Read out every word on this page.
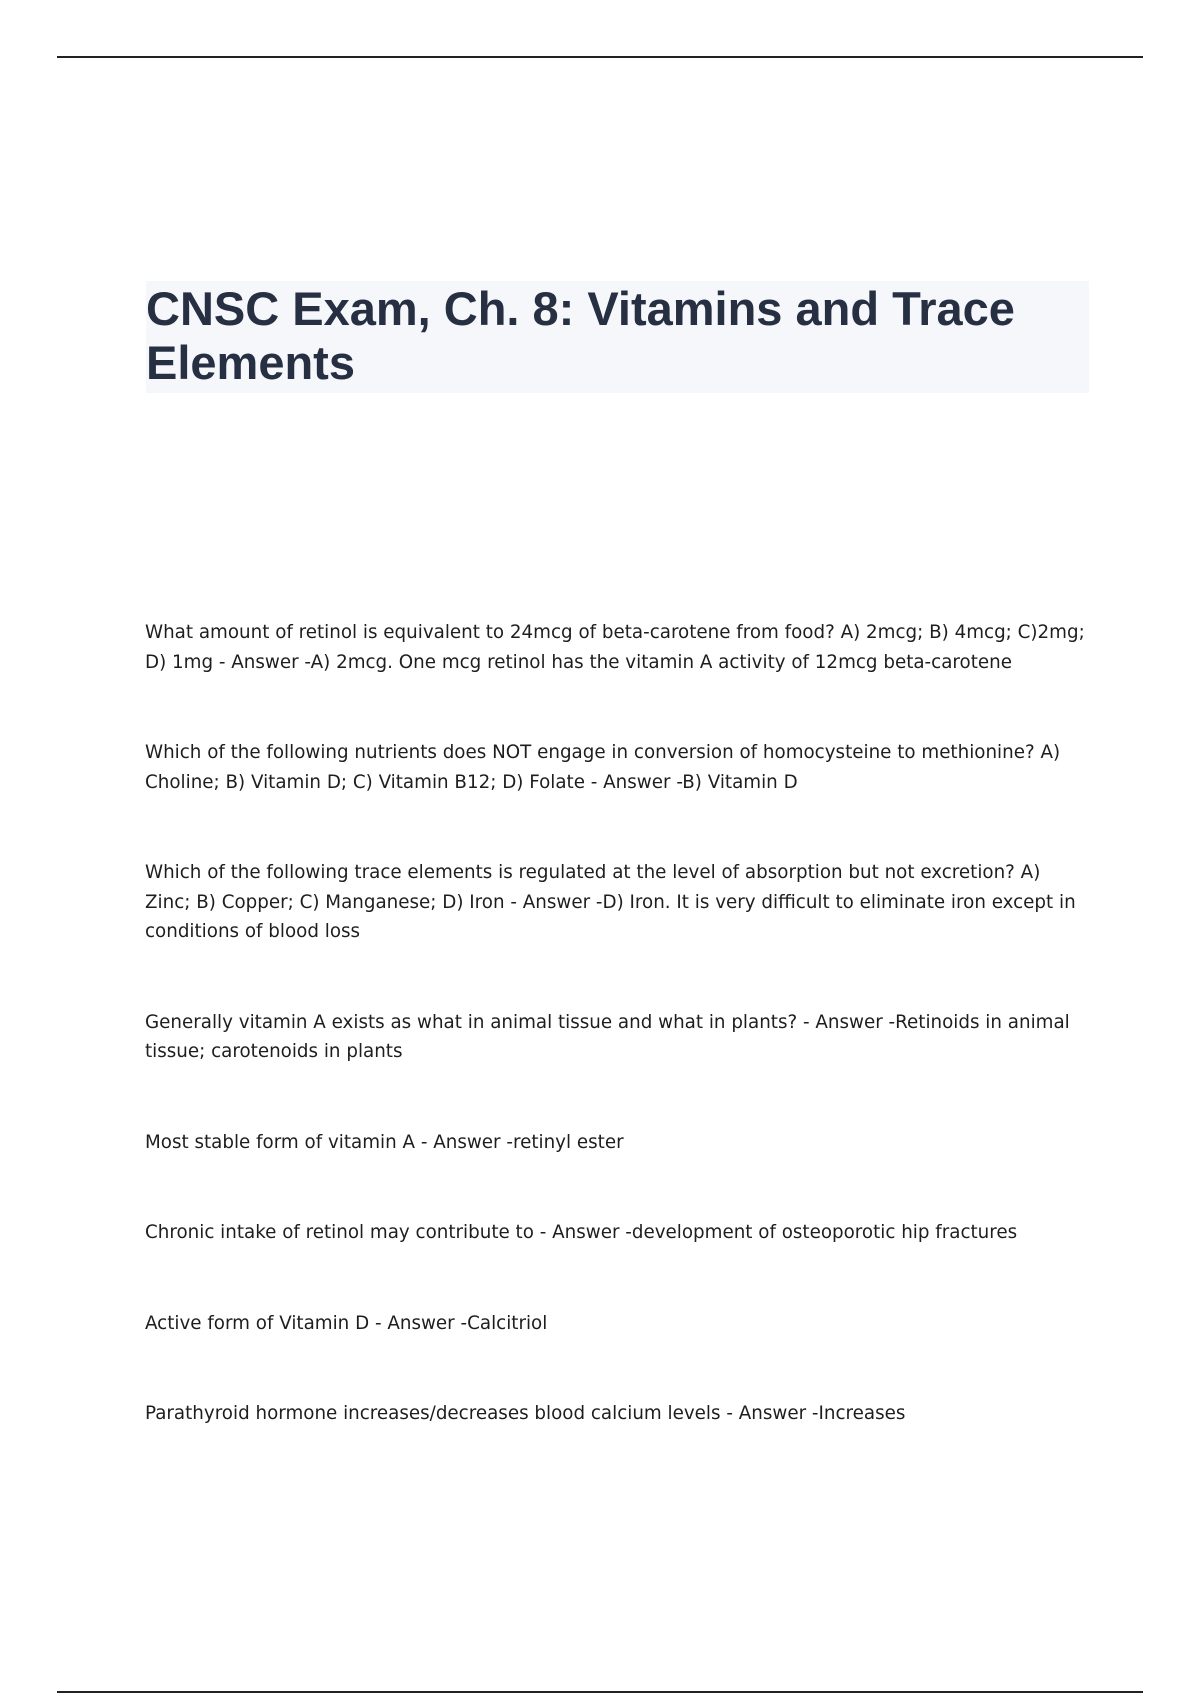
CNSC Exam, Ch. 8: Vitamins and Trace Elements

What amount of retinol is equivalent to 24mcg of beta-carotene from food? A) 2mcg; B) 4mcg; C)2mg; D) 1mg - Answer -A) 2mcg. One mcg retinol has the vitamin A activity of 12mcg beta-carotene

Which of the following nutrients does NOT engage in conversion of homocysteine to methionine? A) Choline; B) Vitamin D; C) Vitamin B12; D) Folate - Answer -B) Vitamin D

Which of the following trace elements is regulated at the level of absorption but not excretion? A) Zinc; B) Copper; C) Manganese; D) Iron - Answer -D) Iron. It is very difficult to eliminate iron except in conditions of blood loss

Generally vitamin A exists as what in animal tissue and what in plants? - Answer -Retinoids in animal tissue; carotenoids in plants

Most stable form of vitamin A - Answer -retinyl ester

Chronic intake of retinol may contribute to - Answer -development of osteoporotic hip fractures

Active form of Vitamin D - Answer -Calcitriol

Parathyroid hormone increases/decreases blood calcium levels - Answer -Increases
